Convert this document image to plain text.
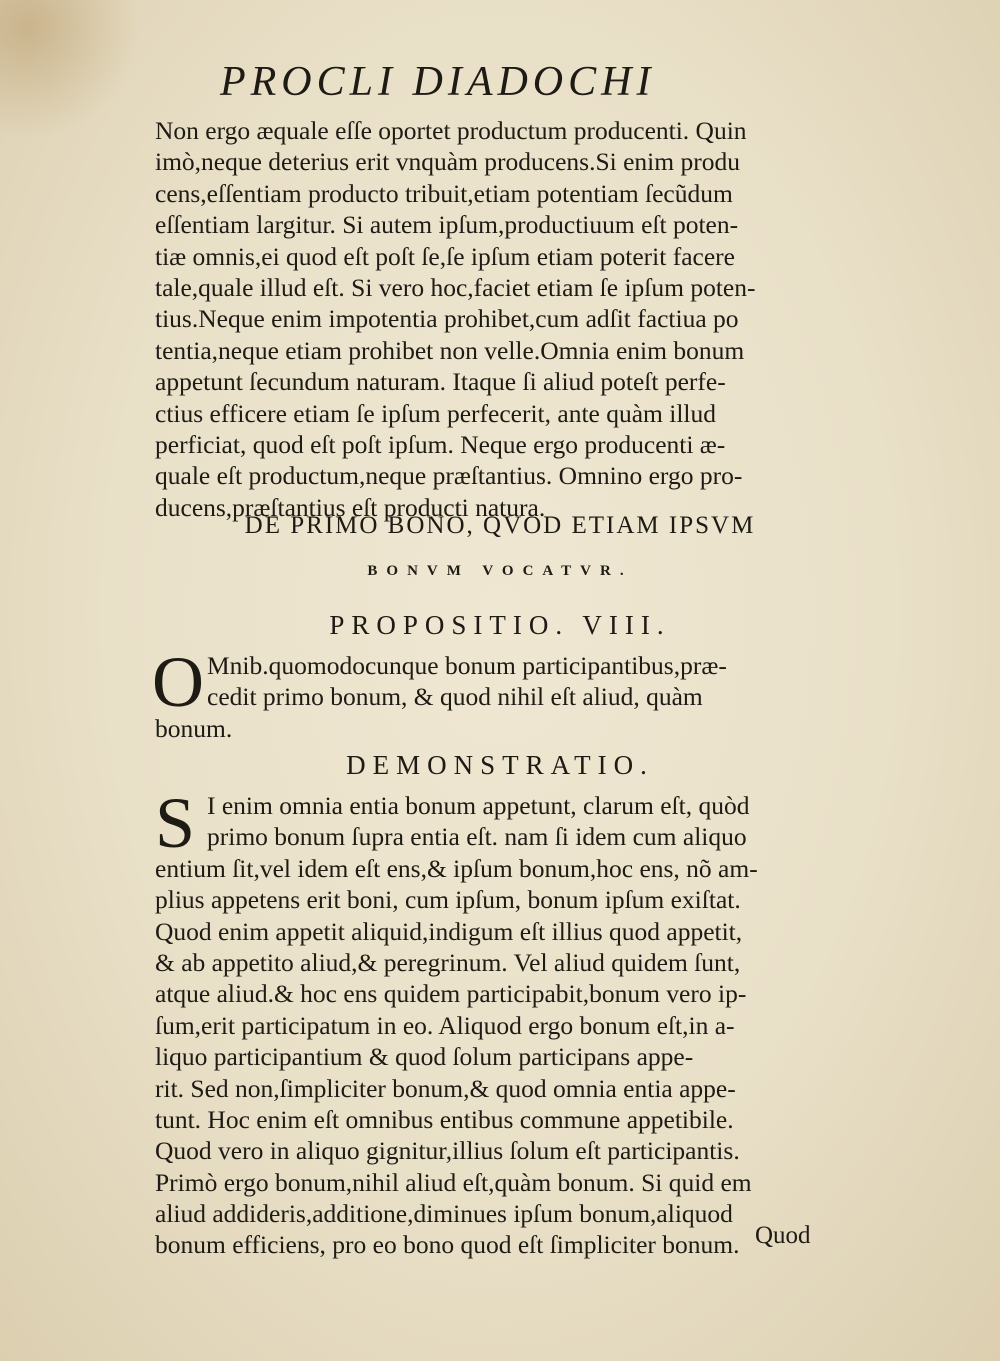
PROCLI DIADOCHI
Non ergo æquale eſſe oportet productum producenti. Quin
imò,neque deterius erit vnquàm producens.Si enim produ
cens,eſſentiam producto tribuit,etiam potentiam ſecũdum
eſſentiam largitur. Si autem ipſum,productiuum eſt poten-
tiæ omnis,ei quod eſt poſt ſe,ſe ipſum etiam poterit facere
tale,quale illud eſt. Si vero hoc,faciet etiam ſe ipſum poten-
tius.Neque enim impotentia prohibet,cum adſit factiua po
tentia,neque etiam prohibet non velle.Omnia enim bonum
appetunt ſecundum naturam. Itaque ſi aliud poteſt perfe-
ctius efficere etiam ſe ipſum perfecerit, ante quàm illud
perficiat, quod eſt poſt ipſum. Neque ergo producenti æ-
quale eſt productum,neque præſtantius. Omnino ergo pro-
ducens,præſtantius eſt producti natura.
DE PRIMO BONO, QVOD ETIAM IPSVM
BONVM VOCATVR.
PROPOSITIO. VIII.
O Mnib.quomodocunque bonum participantibus,præ-
cedit primo bonum, & quod nihil eſt aliud, quàm
bonum.
DEMONSTRATIO.
S I enim omnia entia bonum appetunt, clarum eſt, quòd
primo bonum ſupra entia eſt. nam ſi idem cum aliquo
entium ſit,vel idem eſt ens,& ipſum bonum,hoc ens, nõ am-
plius appetens erit boni, cum ipſum, bonum ipſum exiſtat.
Quod enim appetit aliquid,indigum eſt illius quod appetit,
& ab appetito aliud,& peregrinum. Vel aliud quidem ſunt,
atque aliud.& hoc ens quidem participabit,bonum vero ip-
ſum,erit participatum in eo. Aliquod ergo bonum eſt,in a-
liquo participantium & quod ſolum participans appe-
rit. Sed non,ſimpliciter bonum,& quod omnia entia appe-
tunt. Hoc enim eſt omnibus entibus commune appetibile.
Quod vero in aliquo gignitur,illius ſolum eſt participantis.
Primò ergo bonum,nihil aliud eſt,quàm bonum. Si quid em
aliud addideris,additione,diminues ipſum bonum,aliquod
bonum efficiens, pro eo bono quod eſt ſimpliciter bonum. Quod
